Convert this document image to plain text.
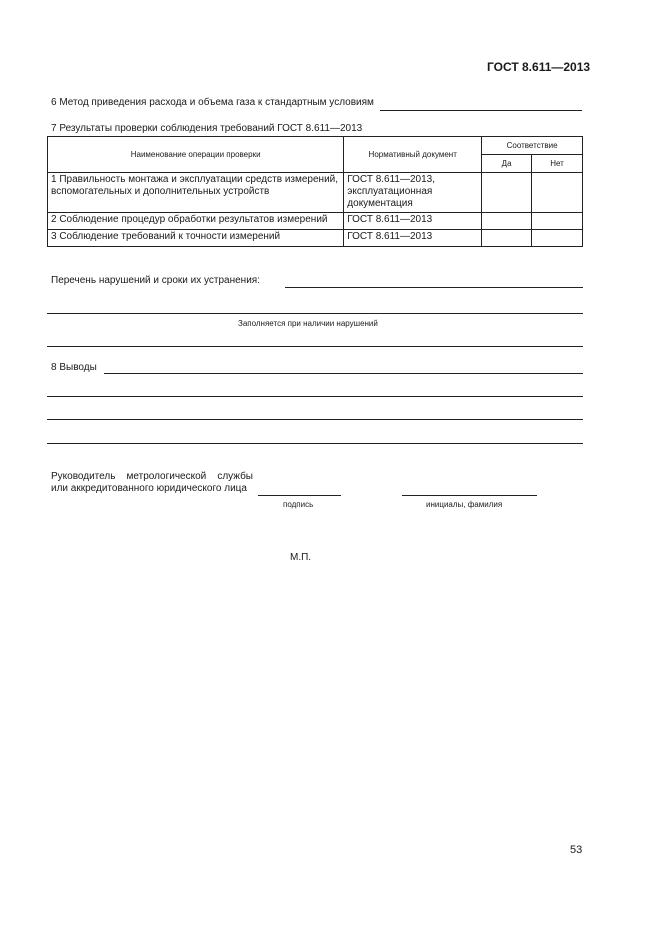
ГОСТ 8.611—2013
6 Метод приведения расхода и объема газа к стандартным условиям
7 Результаты проверки соблюдения требований ГОСТ 8.611—2013
Наименование операции проверки	Нормативный документ	Соответствие	
		Да	Нет
1 Правильность монтажа и эксплуатации средств измерений, вспомогательных и дополнительных устройств	ГОСТ 8.611—2013, эксплуатационная документация		
2 Соблюдение процедур обработки результатов измерений	ГОСТ 8.611—2013		
3 Соблюдение требований к точности измерений	ГОСТ 8.611—2013		
Перечень нарушений и сроки их устранения:
Заполняется при наличии нарушений
8 Выводы
Руководитель метрологической службы
или аккредитованного юридического лица
подпись	инициалы, фамилия
М.П.
53
